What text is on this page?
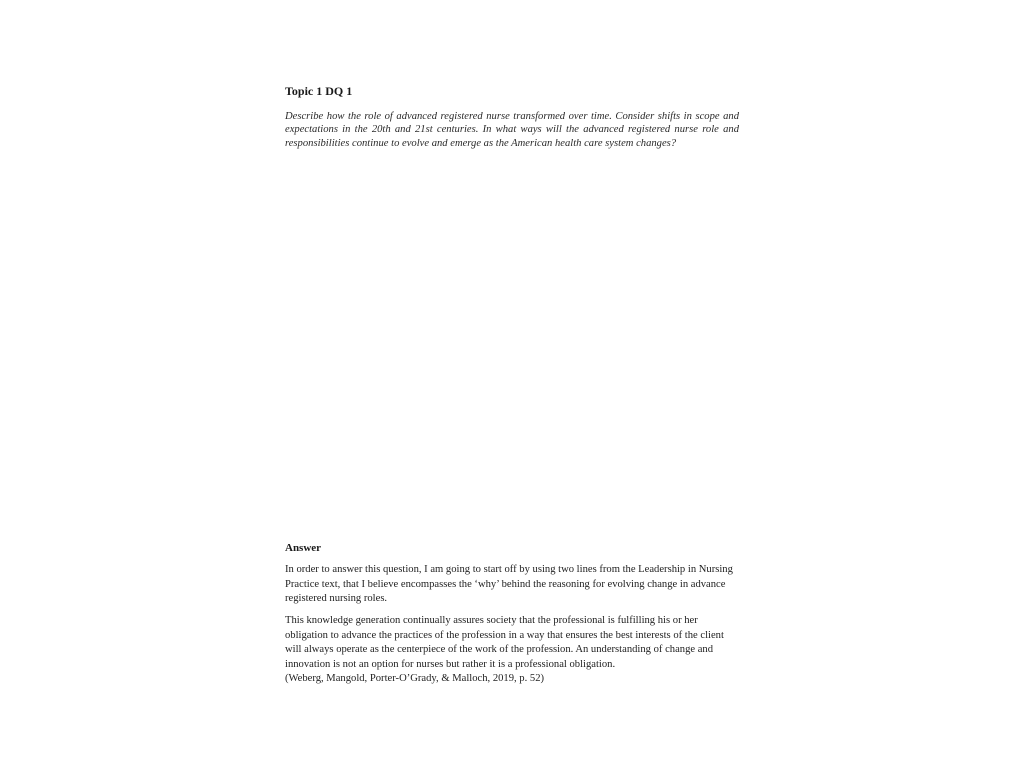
Topic 1 DQ 1
Describe how the role of advanced registered nurse transformed over time. Consider shifts in scope and expectations in the 20th and 21st centuries. In what ways will the advanced registered nurse role and responsibilities continue to evolve and emerge as the American health care system changes?
Answer
In order to answer this question, I am going to start off by using two lines from the Leadership in Nursing Practice text, that I believe encompasses the ‘why’ behind the reasoning for evolving change in advance registered nursing roles.
This knowledge generation continually assures society that the professional is fulfilling his or her obligation to advance the practices of the profession in a way that ensures the best interests of the client will always operate as the centerpiece of the work of the profession. An understanding of change and innovation is not an option for nurses but rather it is a professional obligation.
(Weberg, Mangold, Porter-O’Grady, & Malloch, 2019, p. 52)
